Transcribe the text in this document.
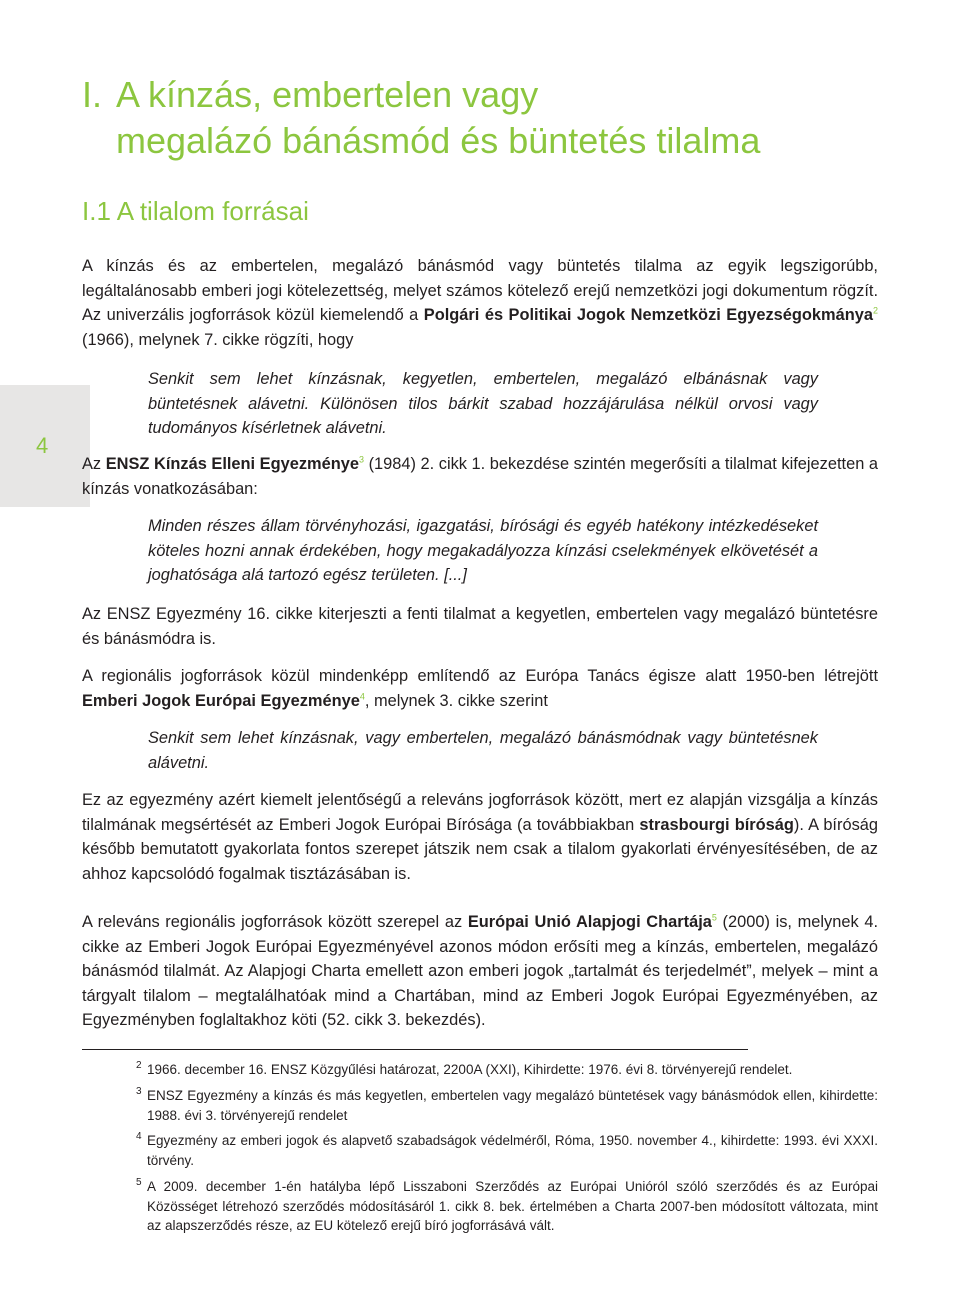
I. A kínzás, embertelen vagy
megalázó bánásmód és büntetés tilalma
I.1 A tilalom forrásai
4

A kínzás és az embertelen, megalázó bánásmód vagy büntetés tilalma az egyik legszigorúbb, legáltalánosabb emberi jogi kötelezettség, melyet számos kötelező erejű nemzetközi jogi dokumentum rögzít. Az univerzális jogforrások közül kiemelendő a Polgári és Politikai Jogok Nemzetközi Egyezségokmánya$^2$ (1966), melynek 7. cikke rögzíti, hogy

Senkit sem lehet kínzásnak, kegyetlen, embertelen, megalázó elbánásnak vagy büntetésnek alávetni. Különösen tilos bárkit szabad hozzájárulása nélkül orvosi vagy tudományos kísérletnek alávetni.

Az ENSZ Kínzás Elleni Egyezménye$^3$ (1984) 2. cikk 1. bekezdése szintén megerősíti a tilalmat kifejezetten a kínzás vonatkozásában:

Minden részes állam törvényhozási, igazgatási, bírósági és egyéb hatékony intézkedéseket köteles hozni annak érdekében, hogy megakadályozza kínzási cselekmények elkövetését a joghatósága alá tartozó egész területen. [...]

Az ENSZ Egyezmény 16. cikke kiterjeszti a fenti tilalmat a kegyetlen, embertelen vagy megalázó büntetésre és bánásmódra is.

A regionális jogforrások közül mindenképp említendő az Európa Tanács égisze alatt 1950-ben létrejött Emberi Jogok Európai Egyezménye$^4$, melynek 3. cikke szerint

Senkit sem lehet kínzásnak, vagy embertelen, megalázó bánásmódnak vagy büntetésnek alávetni.

Ez az egyezmény azért kiemelt jelentőségű a releváns jogforrások között, mert ez alapján vizsgálja a kínzás tilalmának megsértését az Emberi Jogok Európai Bírósága (a továbbiakban strasbourgi bíróság). A bíróság később bemutatott gyakorlata fontos szerepet játszik nem csak a tilalom gyakorlati érvényesítésében, de az ahhoz kapcsolódó fogalmak tisztázásában is.

A releváns regionális jogforrások között szerepel az Európai Unió Alapjogi Chartája$^5$ (2000) is, melynek 4. cikke az Emberi Jogok Európai Egyezményével azonos módon erősíti meg a kínzás, embertelen, megalázó bánásmód tilalmát. Az Alapjogi Charta emellett azon emberi jogok „tartalmát és terjedelmét”, melyek – mint a tárgyalt tilalom – megtalálhatóak mind a Chartában, mind az Emberi Jogok Európai Egyezményében, az Egyezményben foglaltakhoz köti (52. cikk 3. bekezdés).

2 1966. december 16. ENSZ Közgyűlési határozat, 2200A (XXI), Kihirdette: 1976. évi 8. törvényerejű rendelet.

3 ENSZ Egyezmény a kínzás és más kegyetlen, embertelen vagy megalázó büntetések vagy bánásmódok ellen, kihirdette: 1988. évi 3. törvényerejű rendelet

4 Egyezmény az emberi jogok és alapvető szabadságok védelméről, Róma, 1950. november 4., kihirdette: 1993. évi XXXI. törvény.

5 A 2009. december 1-én hatályba lépő Lisszaboni Szerződés az Európai Unióról szóló szerződés és az Európai Közösséget létrehozó szerződés módosításáról 1. cikk 8. bek. értelmében a Charta 2007-ben módosított változata, mint az alapszerződés része, az EU kötelező erejű bíró jogforrásává vált.
